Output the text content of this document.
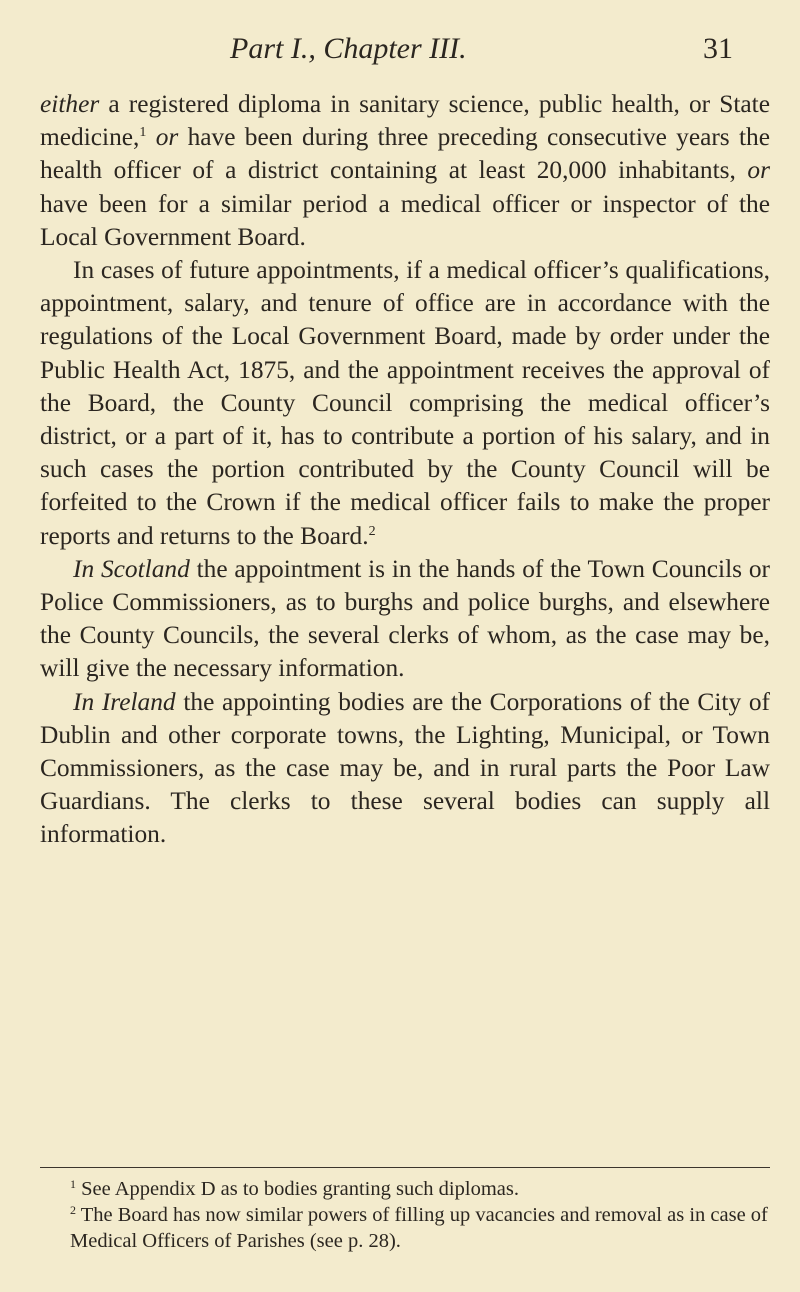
Part I., Chapter III.	31

either a registered diploma in sanitary science, public health, or State medicine,$^1$ or have been during three preceding consecutive years the health officer of a district containing at least 20,000 inhabitants, or have been for a similar period a medical officer or inspector of the Local Government Board.

In cases of future appointments, if a medical officer’s qualifications, appointment, salary, and tenure of office are in accordance with the regulations of the Local Government Board, made by order under the Public Health Act, 1875, and the appointment receives the approval of the Board, the County Council comprising the medical officer’s district, or a part of it, has to contribute a portion of his salary, and in such cases the portion contributed by the County Council will be forfeited to the Crown if the medical officer fails to make the proper reports and returns to the Board.$^2$

In Scotland the appointment is in the hands of the Town Councils or Police Commissioners, as to burghs and police burghs, and elsewhere the County Councils, the several clerks of whom, as the case may be, will give the necessary information.

In Ireland the appointing bodies are the Corporations of the City of Dublin and other corporate towns, the Lighting, Municipal, or Town Commissioners, as the case may be, and in rural parts the Poor Law Guardians. The clerks to these several bodies can supply all information.

$^1$ See Appendix D as to bodies granting such diplomas.

$^2$ The Board has now similar powers of filling up vacancies and removal as in case of Medical Officers of Parishes (see p. 28).
